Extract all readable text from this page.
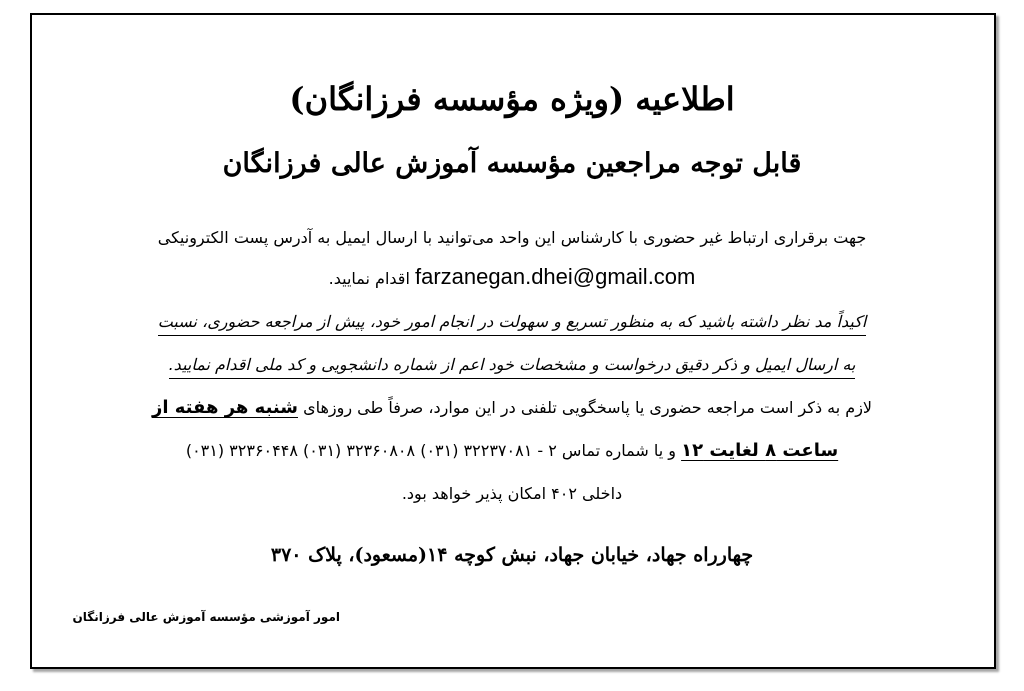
اطلاعیه (ویژه مؤسسه فرزانگان)
قابل توجه مراجعین مؤسسه آموزش عالی فرزانگان
جهت برقراری ارتباط غیر حضوری با کارشناس این واحد می‌توانید با ارسال ایمیل به آدرس پست الکترونیکی
farzanegan.dhei@gmail.com اقدام نمایید.
اکیداً مد نظر داشته باشید که به منظور تسریع و سهولت در انجام امور خود، پیش از مراجعه حضوری، نسبت
به ارسال ایمیل و ذکر دقیق درخواست و مشخصات خود اعم از شماره دانشجویی و کد ملی اقدام نمایید.
لازم به ذکر است مراجعه حضوری یا پاسخگویی تلفنی در این موارد، صرفاً طی روزهای شنبه هر هفته از
ساعت ۸ لغایت ۱۲ و یا شماره تماس ۲ - ۳۲۲۳۷۰۸۱ (۰۳۱) ۳۲۳۶۰۸۰۸ (۰۳۱) ۳۲۳۶۰۴۴۸ (۰۳۱)
داخلی ۴۰۲ امکان پذیر خواهد بود.
چهارراه جهاد، خیابان جهاد، نبش کوچه ۱۴(مسعود)، پلاک ۳۷۰
امور آموزشی مؤسسه آموزش عالی فرزانگان
